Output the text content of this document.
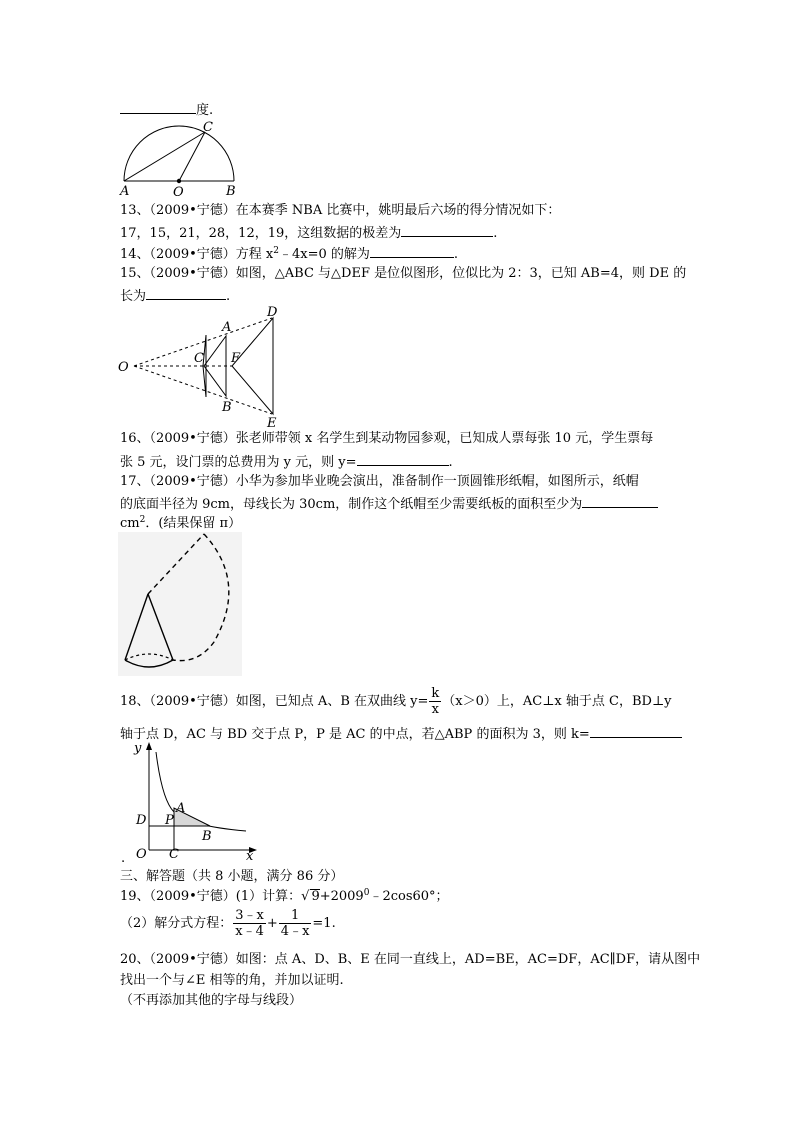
度.
C
A	O	B
13、（2009•宁德）在本赛季 NBA 比赛中，姚明最后六场的得分情况如下：
17，15，21，28，12，19，这组数据的极差为	.
14、（2009•宁德）方程 $x^2﹣4x=0$ 的解为	.
15、（2009•宁德）如图，△ABC 与△DEF 是位似图形，位似比为 2：3，已知 AB=4，则 DE 的
长为	.
D
A
O
C F
B
E
16、（2009•宁德）张老师带领 x 名学生到某动物园参观，已知成人票每张 10 元，学生票每
张 5 元，设门票的总费用为 y 元，则 y=	.
17、（2009•宁德）小华为参加毕业晚会演出，准备制作一顶圆锥形纸帽，如图所示，纸帽
的底面半径为 9cm，母线长为 30cm，制作这个纸帽至少需要纸板的面积至少为
$cm^2$．(结果保留 π）
18、（2009•宁德）如图，已知点 A、B 在双曲线 $y= \frac{k}{x} (x>0)$上，AC⊥x 轴于点 C，BD⊥y
轴于点 D，AC 与 BD 交于点 P，P 是 AC 的中点，若△ABP 的面积为 3，则 k=
y
A
D P
B
O C	x
.
三、解答题（共 8 小题，满分 86 分）
19、（2009•宁德）(1）计算：√ $9+2009^0﹣2\cos 60^\circ$；
（2）解分式方程： $\frac{3﹣x}{x﹣4} + \frac{1}{4﹣x} =1$.
20、（2009•宁德）如图：点 A、D、B、E 在同一直线上，AD=BE，AC=DF，AC∥DF，请从图中
找出一个与∠E 相等的角，并加以证明.
（不再添加其他的字母与线段）
